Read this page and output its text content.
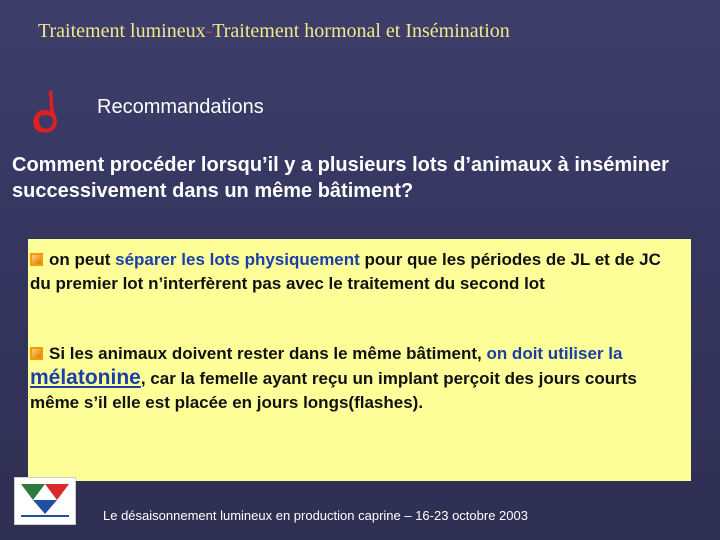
Traitement lumineux-Traitement hormonal et Insémination
Recommandations
Comment procéder lorsqu’il y a plusieurs lots d’animaux à inséminer successivement dans un même bâtiment?
on peut séparer les lots physiquement pour que les périodes de JL et de JC du premier lot n’interfèrent pas avec le traitement du second lot
Si les animaux doivent rester dans le même bâtiment, on doit utiliser la mélatonine, car la femelle ayant reçu un implant perçoit des jours courts même s’il elle est placée en jours longs(flashes).
Le désaisonnement lumineux en production caprine – 16-23 octobre 2003
